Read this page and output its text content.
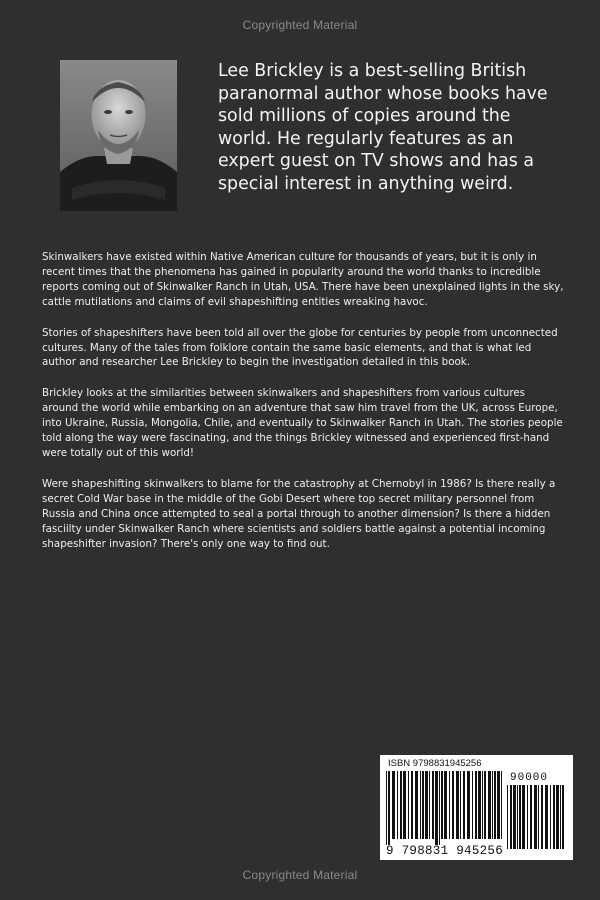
Copyrighted Material
Lee Brickley is a best-selling British paranormal author whose books have sold millions of copies around the world. He regularly features as an expert guest on TV shows and has a special interest in anything weird.

Skinwalkers have existed within Native American culture for thousands of years, but it is only in recent times that the phenomena has gained in popularity around the world thanks to incredible reports coming out of Skinwalker Ranch in Utah, USA. There have been unexplained lights in the sky, cattle mutilations and claims of evil shapeshifting entities wreaking havoc.

Stories of shapeshifters have been told all over the globe for centuries by people from unconnected cultures. Many of the tales from folklore contain the same basic elements, and that is what led author and researcher Lee Brickley to begin the investigation detailed in this book.

Brickley looks at the similarities between skinwalkers and shapeshifters from various cultures around the world while embarking on an adventure that saw him travel from the UK, across Europe, into Ukraine, Russia, Mongolia, Chile, and eventually to Skinwalker Ranch in Utah. The stories people told along the way were fascinating, and the things Brickley witnessed and experienced first-hand were totally out of this world!

Were shapeshifting skinwalkers to blame for the catastrophy at Chernobyl in 1986? Is there really a secret Cold War base in the middle of the Gobi Desert where top secret military personnel from Russia and China once attempted to seal a portal through to another dimension? Is there a hidden fasciilty under Skinwalker Ranch where scientists and soldiers battle against a potential incoming shapeshifter invasion? There's only one way to find out.

ISBN 9798831945256
90000
9 798831 945256
Copyrighted Material
